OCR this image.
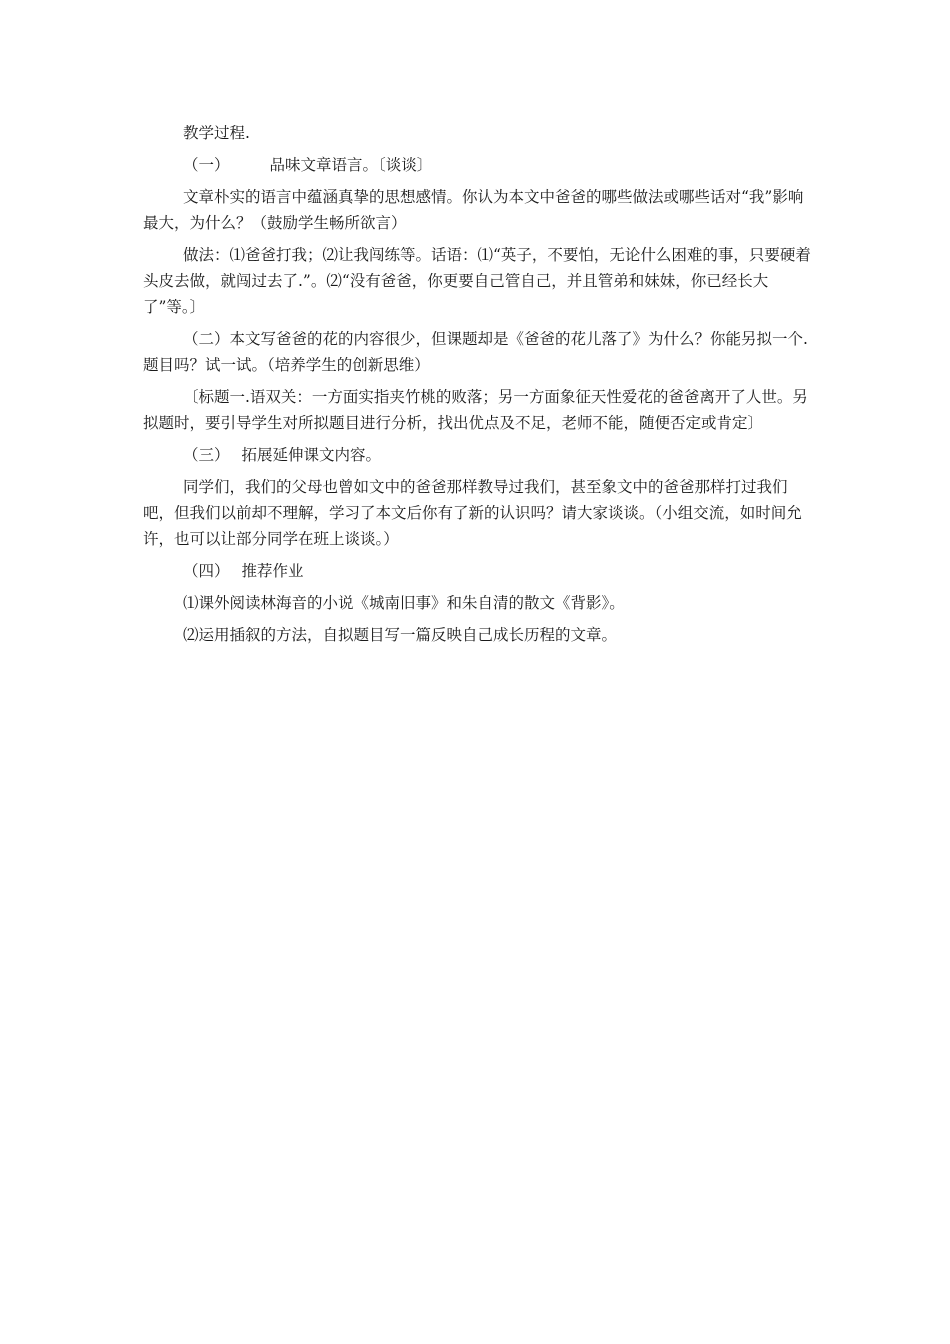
教学过程.

（一）	品味文章语言。〔谈谈〕

文章朴实的语言中蕴涵真挚的思想感情。你认为本文中爸爸的哪些做法或哪些话对“我”影响最大，为什么？（鼓励学生畅所欲言）

做法：⑴爸爸打我；⑵让我闯练等。话语：⑴“英子，不要怕，无论什么困难的事，只要硬着头皮去做，就闯过去了.”。⑵“没有爸爸，你更要自己管自己，并且管弟和妹妹，你已经长大了”等。〕

（二）本文写爸爸的花的内容很少，但课题却是《爸爸的花儿落了》为什么？你能另拟一个.题目吗？试一试。（培养学生的创新思维）

〔标题一.语双关：一方面实指夹竹桃的败落；另一方面象征天性爱花的爸爸离开了人世。另拟题时，要引导学生对所拟题目进行分析，找出优点及不足，老师不能，随便否定或肯定〕

（三） 拓展延伸课文内容。

同学们，我们的父母也曾如文中的爸爸那样教导过我们，甚至象文中的爸爸那样打过我们吧，但我们以前却不理解，学习了本文后你有了新的认识吗？请大家谈谈。（小组交流，如时间允许，也可以让部分同学在班上谈谈。）

（四） 推荐作业

⑴课外阅读林海音的小说《城南旧事》和朱自清的散文《背影》。

⑵运用插叙的方法，自拟题目写一篇反映自己成长历程的文章。
